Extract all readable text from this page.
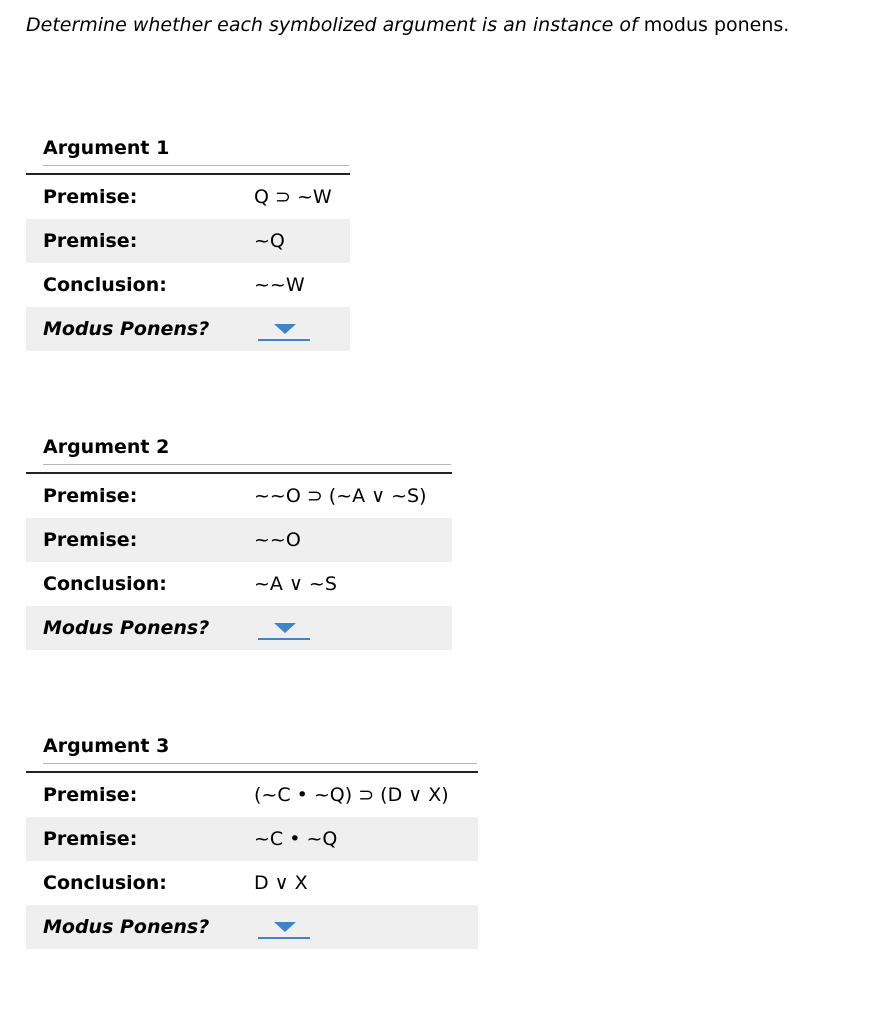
Determine whether each symbolized argument is an instance of modus ponens.
Argument 1
Premise:	Q ⊃ ~W
Premise:	~Q
Conclusion:	~~W
Modus Ponens?
Argument 2
Premise:	~~O ⊃ (~A ∨ ~S)
Premise:	~~O
Conclusion:	~A ∨ ~S
Modus Ponens?
Argument 3
Premise:	(~C • ~Q) ⊃ (D ∨ X)
Premise:	~C • ~Q
Conclusion:	D ∨ X
Modus Ponens?
